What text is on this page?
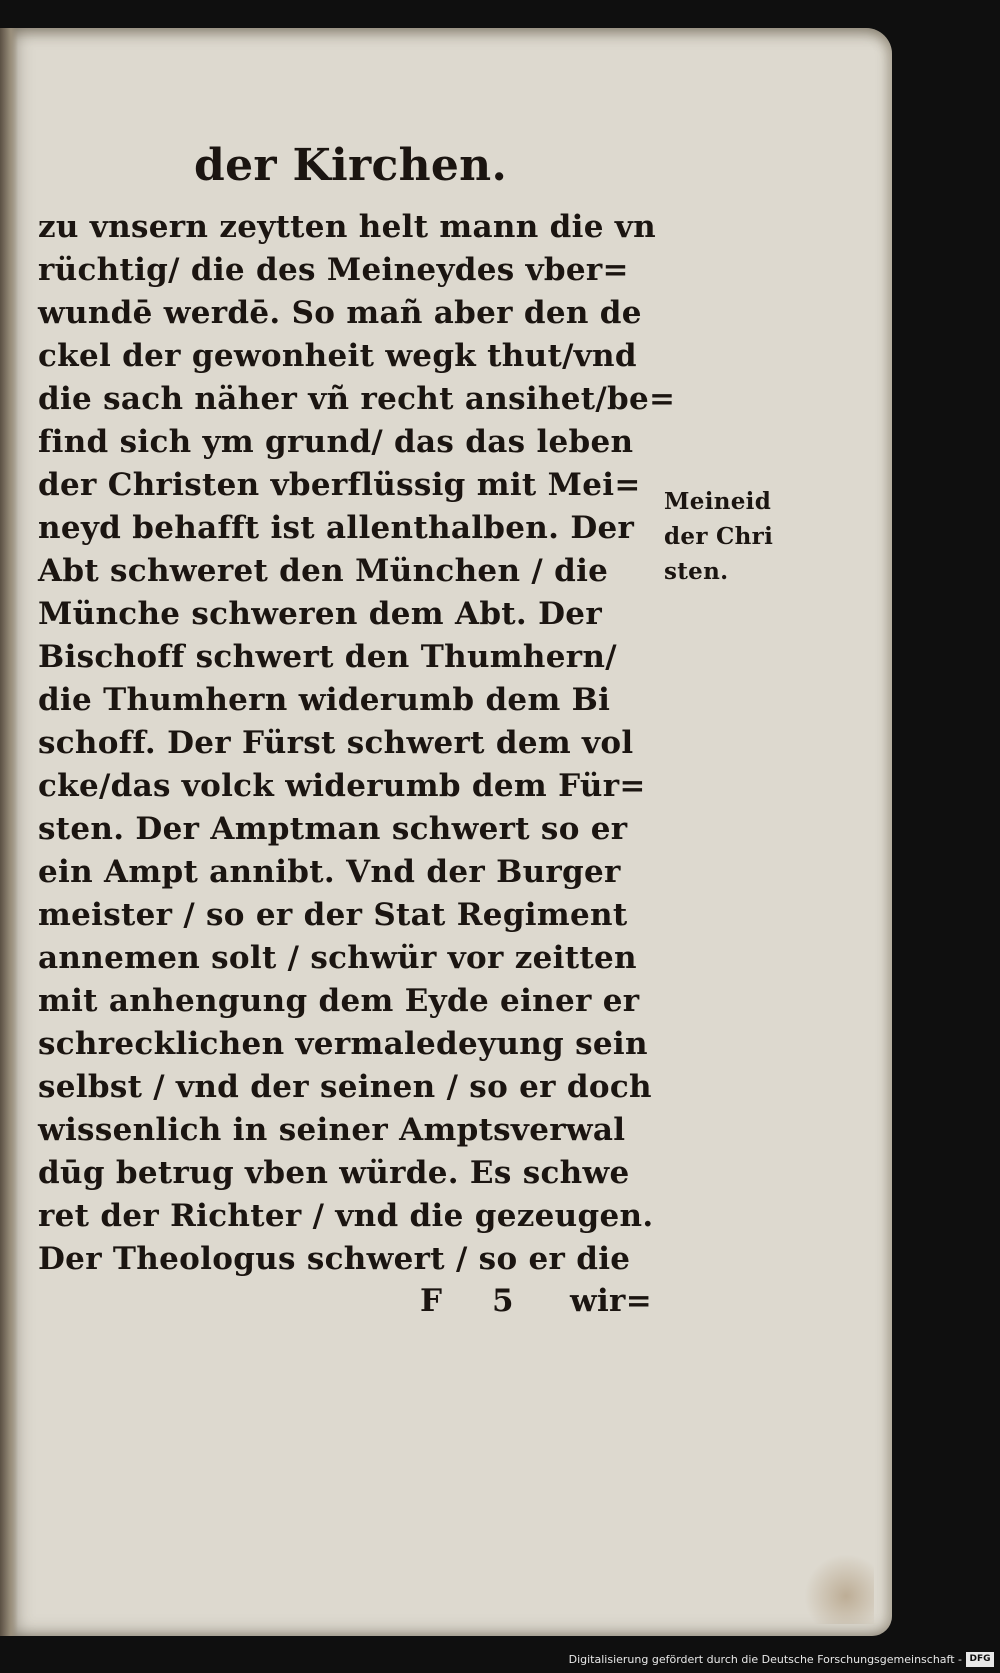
der Kirchen.
zu vnsern zeytten helt mann die vn
rüchtig/ die des Meineydes vber=
wundē werdē. So mañ aber den de
ckel der gewonheit wegk thut/vnd
die sach näher vñ recht ansihet/be=
find sich ym grund/ das das leben
der Christen vberflüssig mit Mei=
neyd behafft ist allenthalben. Der
Abt schweret den München / die
Münche schweren dem Abt. Der
Bischoff schwert den Thumhern/
die Thumhern widerumb dem Bi
schoff. Der Fürst schwert dem vol
cke/das volck widerumb dem Für=
sten. Der Amptman schwert so er
ein Ampt annibt. Vnd der Burger
meister / so er der Stat Regiment
annemen solt / schwür vor zeitten
mit anhengung dem Eyde einer er
schrecklichen vermaledeyung sein
selbst / vnd der seinen / so er doch
wissenlich in seiner Amptsverwal
dūg betrug vben würde. Es schwe
ret der Richter / vnd die gezeugen.
Der Theologus schwert / so er die
Meineid
der Chri
sten.
F 5 wir=
Digitalisierung gefördert durch die Deutsche Forschungsgemeinschaft - DFG
